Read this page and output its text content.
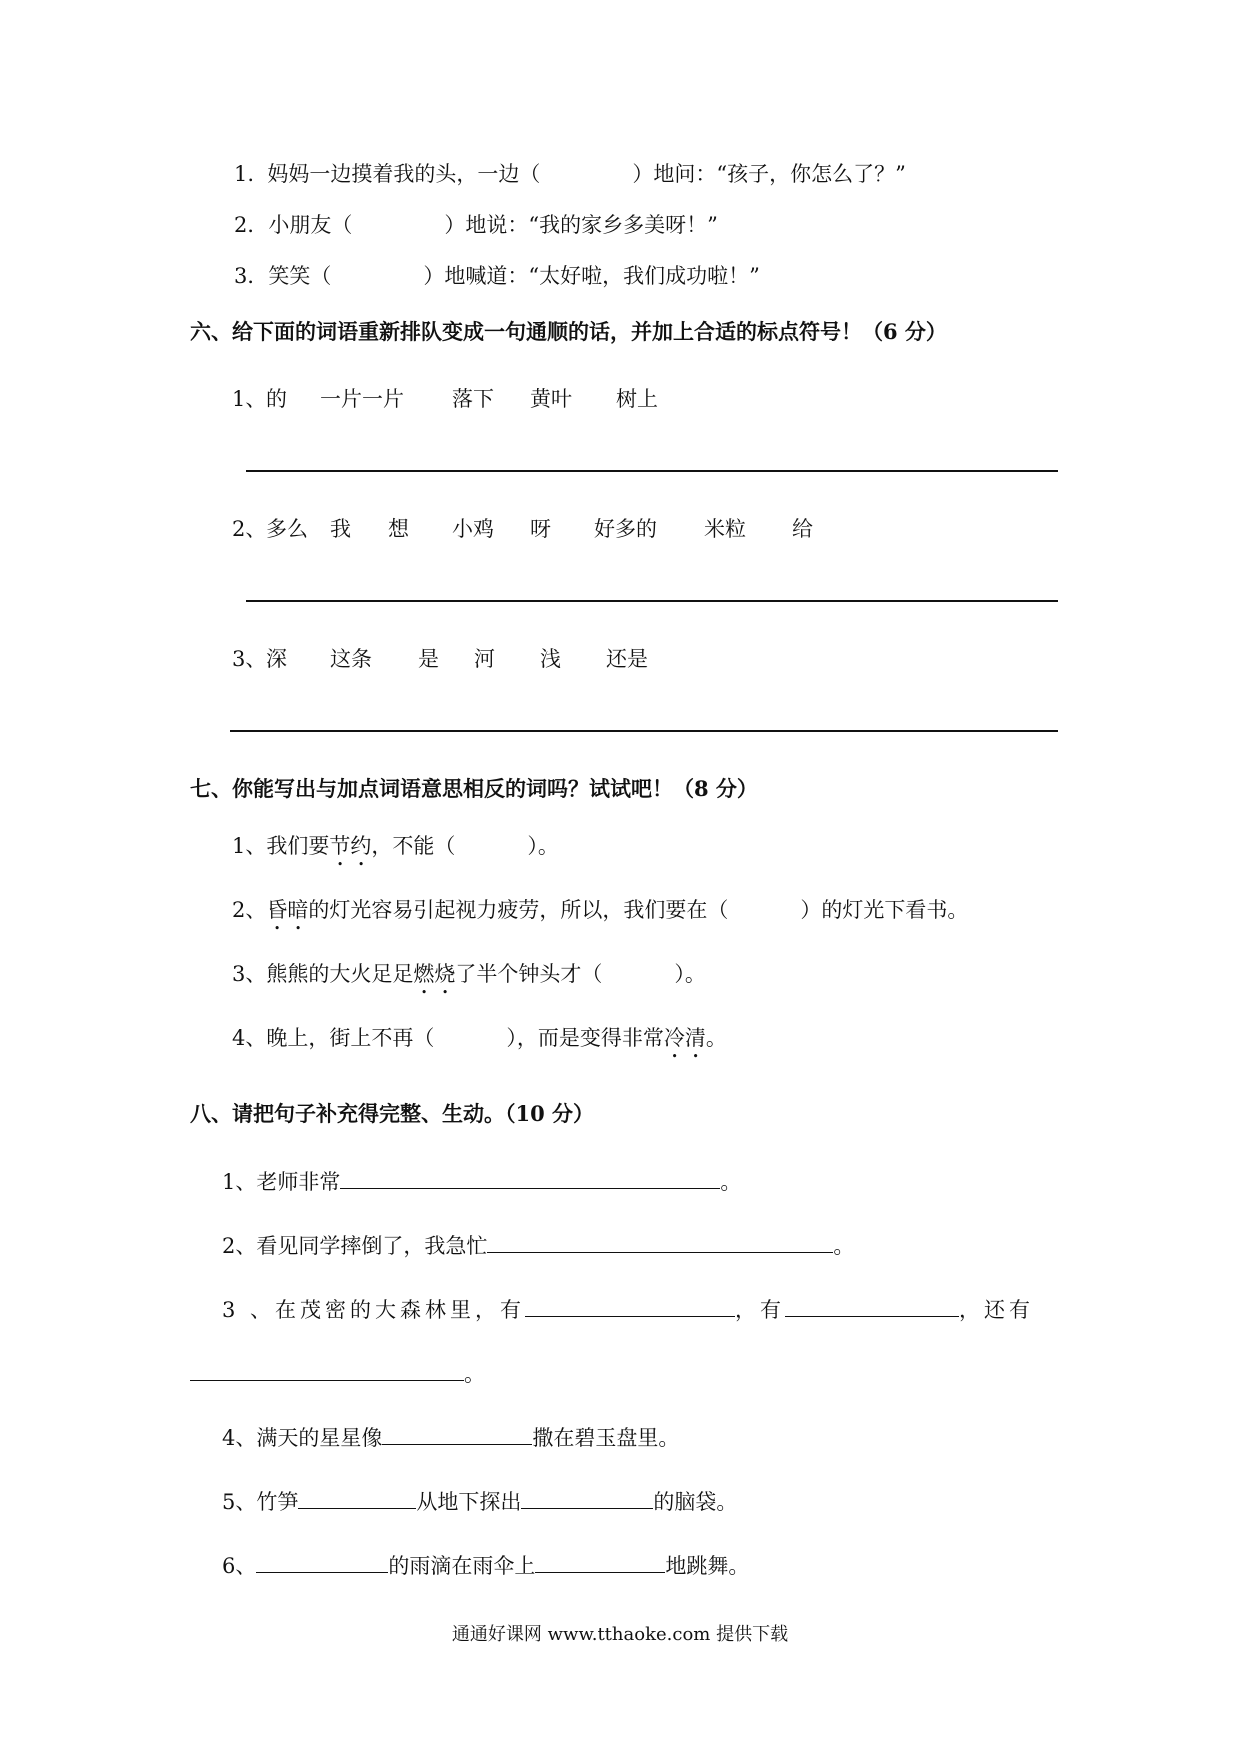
1.  妈妈一边摸着我的头，一边（	）地问：“孩子，你怎么了？”
2．小朋友（	）地说：“我的家乡多美呀！”
3．笑笑（	）地喊道：“太好啦，我们成功啦！”
六、给下面的词语重新排队变成一句通顺的话，并加上合适的标点符号！（6 分）
1、 的 一片一片 落下 黄叶 树上
2、 多么 我 想 小鸡 呀 好多的 米粒 给
3、 深 这条 是 河 浅 还是
七、你能写出与加点词语意思相反的词吗？试试吧！（8 分）
1、我们要节约，不能（	）。
2、昏暗的灯光容易引起视力疲劳，所以，我们要在（	）的灯光下看书。
3、熊熊的大火足足燃烧了半个钟头才（	）。
4、晚上，街上不再（	），而是变得非常冷清。
八、请把句子补充得完整、生动。（10 分）
1、老师非常	。
2、看见同学摔倒了，我急忙	。
3 、在茂密的大森林里，有	，有	，还有
。
4、满天的星星像	撒在碧玉盘里。
5、竹笋	从地下探出	的脑袋。
6、	的雨滴在雨伞上	地跳舞。
通通好课网 www.tthaoke.com 提供下载
